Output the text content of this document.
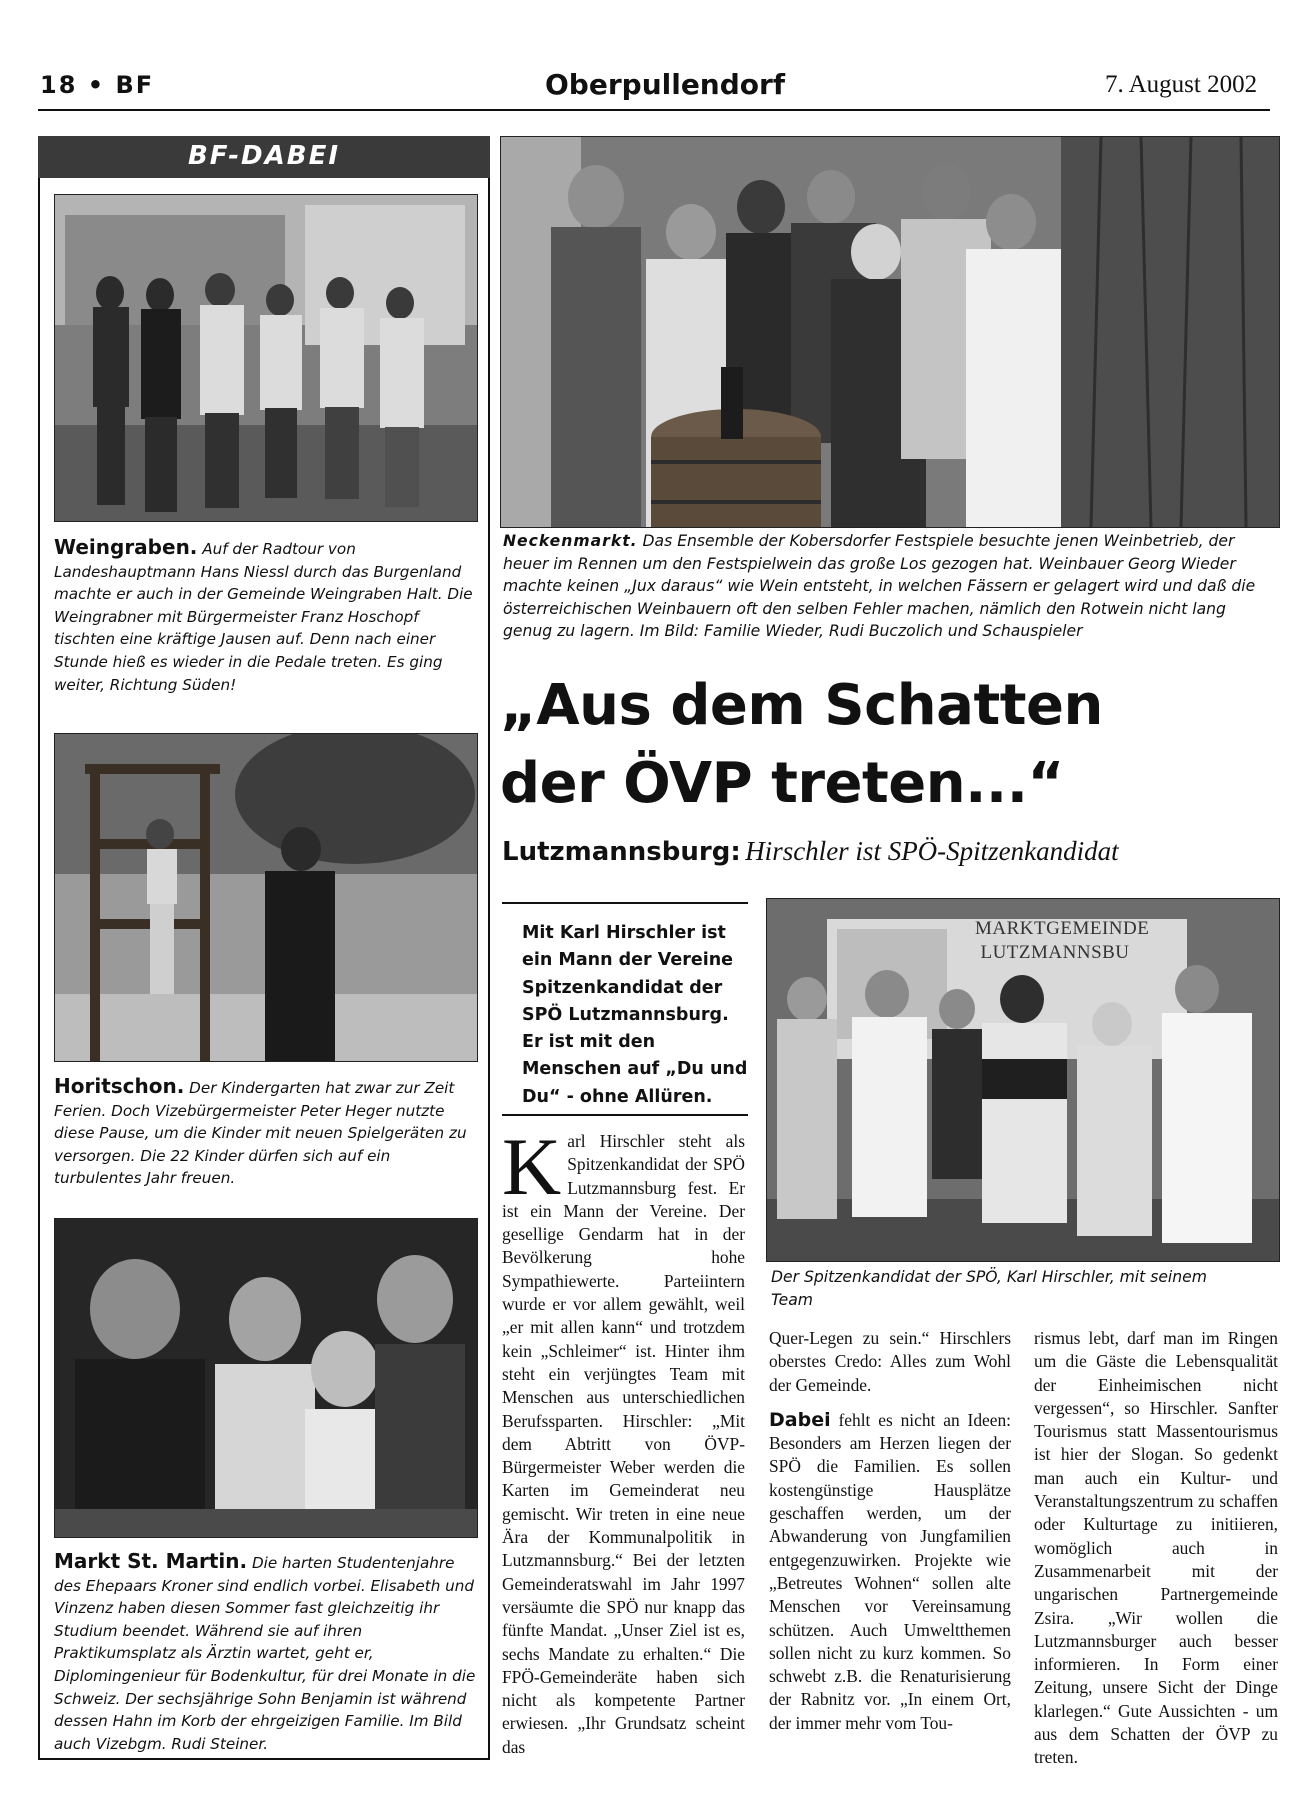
18 • BF	Oberpullendorf	7. August 2002
BF-DABEI
Weingraben. Auf der Radtour von Landeshauptmann Hans Niessl durch das Burgenland machte er auch in der Gemeinde Weingraben Halt. Die Weingrabner mit Bürgermeister Franz Hoschopf tischten eine kräftige Jausen auf. Denn nach einer Stunde hieß es wieder in die Pedale treten. Es ging weiter, Richtung Süden!
Horitschon. Der Kindergarten hat zwar zur Zeit Ferien. Doch Vizebürgermeister Peter Heger nutzte diese Pause, um die Kinder mit neuen Spielgeräten zu versorgen. Die 22 Kinder dürfen sich auf ein turbulentes Jahr freuen.
Markt St. Martin. Die harten Studentenjahre des Ehepaars Kroner sind endlich vorbei. Elisabeth und Vinzenz haben diesen Sommer fast gleichzeitig ihr Studium beendet. Während sie auf ihren Praktikumsplatz als Ärztin wartet, geht er, Diplomingenieur für Bodenkultur, für drei Monate in die Schweiz. Der sechsjährige Sohn Benjamin ist während dessen Hahn im Korb der ehrgeizigen Familie. Im Bild auch Vizebgm. Rudi Steiner.
Neckenmarkt. Das Ensemble der Kobersdorfer Festspiele besuchte jenen Weinbetrieb, der heuer im Rennen um den Festspielwein das große Los gezogen hat. Weinbauer Georg Wieder machte keinen „Jux daraus“ wie Wein entsteht, in welchen Fässern er gelagert wird und daß die österreichischen Weinbauern oft den selben Fehler machen, nämlich den Rotwein nicht lang genug zu lagern. Im Bild: Familie Wieder, Rudi Buczolich und Schauspieler
„Aus dem Schatten
der ÖVP treten...“
Lutzmannsburg: Hirschler ist SPÖ-Spitzenkandidat
Mit Karl Hirschler ist ein Mann der Vereine Spitzenkandidat der SPÖ Lutzmannsburg. Er ist mit den Menschen auf „Du und Du“ - ohne Allüren.
MARKTGEMEINDE LUTZMANNSBU
Der Spitzenkandidat der SPÖ, Karl Hirschler, mit seinem Team
K arl Hirschler steht als Spitzenkandidat der SPÖ Lutzmannsburg fest. Er ist ein Mann der Vereine. Der gesellige Gendarm hat in der Bevölkerung hohe Sympathiewerte. Parteiintern wurde er vor allem gewählt, weil „er mit allen kann“ und trotzdem kein „Schleimer“ ist. Hinter ihm steht ein verjüngtes Team mit Menschen aus unterschiedlichen Berufssparten. Hirschler: „Mit dem Abtritt von ÖVP-Bürgermeister Weber werden die Karten im Gemeinderat neu gemischt. Wir treten in eine neue Ära der Kommunalpolitik in Lutzmannsburg.“ Bei der letzten Gemeinderatswahl im Jahr 1997 versäumte die SPÖ nur knapp das fünfte Mandat. „Unser Ziel ist es, sechs Mandate zu erhalten.“ Die FPÖ-Gemeinderäte haben sich nicht als kompetente Partner erwiesen. „Ihr Grundsatz scheint das

Quer-Legen zu sein.“ Hirschlers oberstes Credo: Alles zum Wohl der Gemeinde.

Dabei fehlt es nicht an Ideen: Besonders am Herzen liegen der SPÖ die Familien. Es sollen kostengünstige Hausplätze geschaffen werden, um der Abwanderung von Jungfamilien entgegenzuwirken. Projekte wie „Betreutes Wohnen“ sollen alte Menschen vor Vereinsamung schützen. Auch Umweltthemen sollen nicht zu kurz kommen. So schwebt z.B. die Renaturisierung der Rabnitz vor. „In einem Ort, der immer mehr vom Tou-

rismus lebt, darf man im Ringen um die Gäste die Lebensqualität der Einheimischen nicht vergessen“, so Hirschler. Sanfter Tourismus statt Massentourismus ist hier der Slogan. So gedenkt man auch ein Kultur- und Veranstaltungszentrum zu schaffen oder Kulturtage zu initiieren, womöglich auch in Zusammenarbeit mit der ungarischen Partnergemeinde Zsira. „Wir wollen die Lutzmannsburger auch besser informieren. In Form einer Zeitung, unsere Sicht der Dinge klarlegen.“ Gute Aussichten - um aus dem Schatten der ÖVP zu treten.
